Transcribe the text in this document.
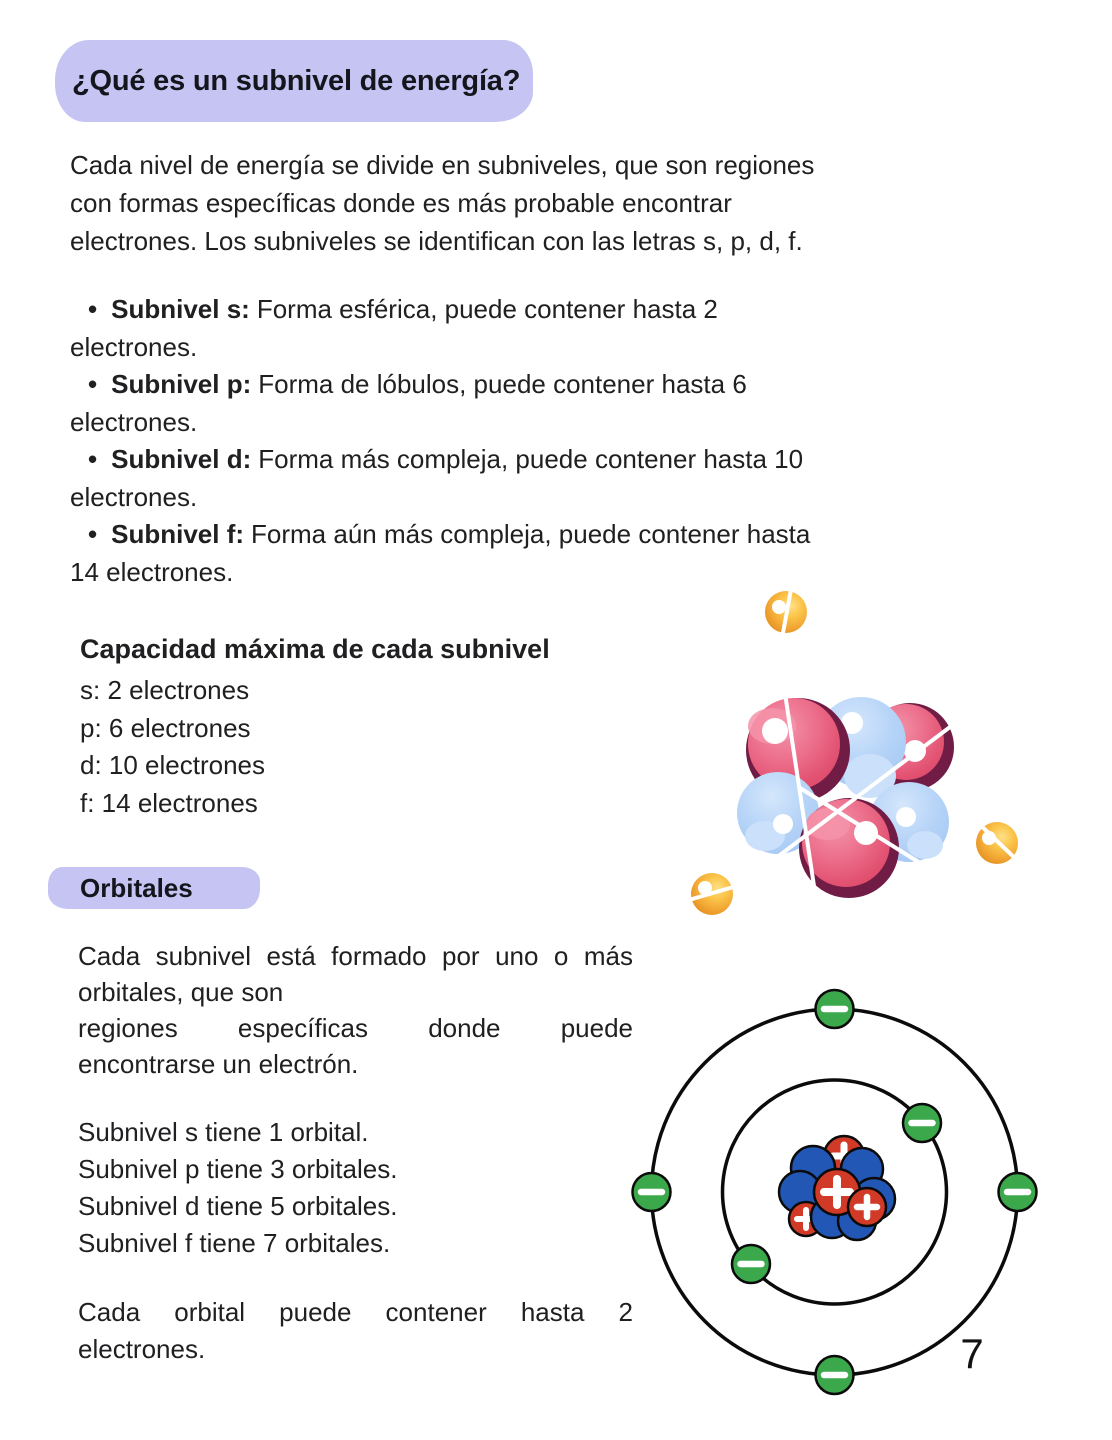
¿Qué es un subnivel de energía?
Cada nivel de energía se divide en subniveles, que son regiones
con formas específicas donde es más probable encontrar
electrones. Los subniveles se identifican con las letras s, p, d, f.
• Subnivel s: Forma esférica, puede contener hasta 2
electrones.
• Subnivel p: Forma de lóbulos, puede contener hasta 6
electrones.
• Subnivel d: Forma más compleja, puede contener hasta 10
electrones.
• Subnivel f: Forma aún más compleja, puede contener hasta
14 electrones.
Capacidad máxima de cada subnivel
s: 2 electrones
p: 6 electrones
d: 10 electrones
f: 14 electrones
Orbitales
Cada subnivel está formado por uno o más
orbitales, que son
regiones específicas donde puede
encontrarse un electrón.
Subnivel s tiene 1 orbital.
Subnivel p tiene 3 orbitales.
Subnivel d tiene 5 orbitales.
Subnivel f tiene 7 orbitales.
Cada orbital puede contener hasta 2
electrones.	7
